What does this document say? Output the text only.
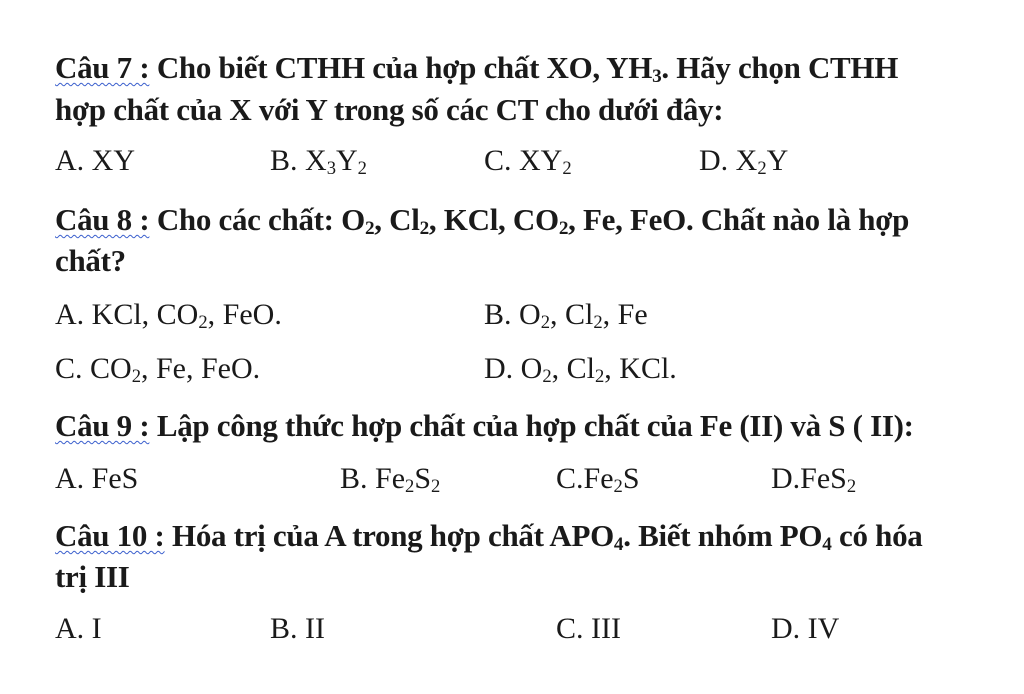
Câu 7 : Cho biết CTHH của hợp chất XO, $YH_3$. Hãy chọn CTHH
hợp chất của X với Y trong số các CT cho dưới đây:
A. XY	B. $X_3Y_2$	C. $XY_2$	D. $X_2Y$
Câu 8 : Cho các chất: $O_2$, $Cl_2$, KCl, $CO_2$, Fe, FeO. Chất nào là hợp
chất?
A. KCl, $CO_2$, FeO.	B. $O_2$, $Cl_2$, Fe
C. $CO_2$, Fe, FeO.	D. $O_2$, $Cl_2$, KCl.
Câu 9 : Lập công thức hợp chất của hợp chất của Fe (II) và S ( II):
A. FeS	B. $Fe_2S_2$	$C.Fe_2S$	D.FeS$_2$
Câu 10 : Hóa trị của A trong hợp chất $APO_4$. Biết nhóm $PO_4$ có hóa
trị III
A. I	B. II	C. III	D. IV
